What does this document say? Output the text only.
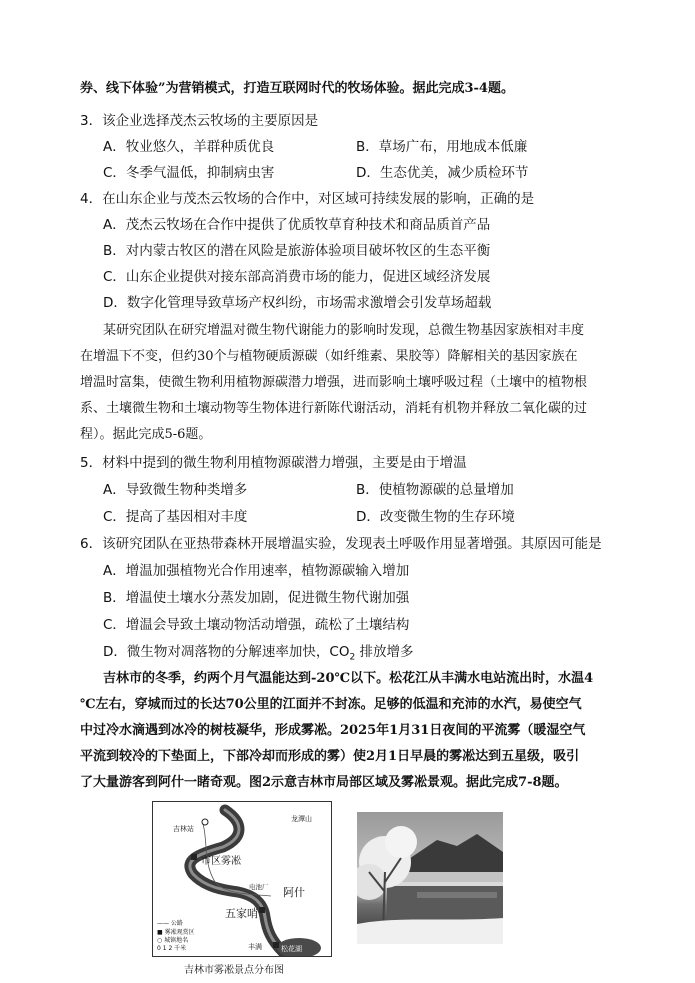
券、线下体验”为营销模式，打造互联网时代的牧场体验。据此完成3-4题。
3．该企业选择茂杰云牧场的主要原因是
A．牧业悠久，羊群种质优良	B．草场广布，用地成本低廉
C．冬季气温低，抑制病虫害	D．生态优美，减少质检环节
4．在山东企业与茂杰云牧场的合作中，对区域可持续发展的影响，正确的是
A．茂杰云牧场在合作中提供了优质牧草育种技术和商品质首产品
B．对内蒙古牧区的潜在风险是旅游体验项目破坏牧区的生态平衡
C．山东企业提供对接东部高消费市场的能力，促进区域经济发展
D．数字化管理导致草场产权纠纷，市场需求激增会引发草场超载
某研究团队在研究增温对微生物代谢能力的影响时发现，总微生物基因家族相对丰度
在增温下不变，但约30个与植物硬质源碳（如纤维素、果胶等）降解相关的基因家族在
增温时富集，使微生物利用植物源碳潜力增强，进而影响土壤呼吸过程（土壤中的植物根
系、土壤微生物和土壤动物等生物体进行新陈代谢活动，消耗有机物并释放二氧化碳的过
程）。据此完成5-6题。
5．材料中提到的微生物利用植物源碳潜力增强，主要是由于增温
A．导致微生物种类增多	B．使植物源碳的总量增加
C．提高了基因相对丰度	D．改变微生物的生存环境
6．该研究团队在亚热带森林开展增温实验，发现表土呼吸作用显著增强。其原因可能是
A．增温加强植物光合作用速率，植物源碳输入增加
B．增温使土壤水分蒸发加剧，促进微生物代谢加强
C．增温会导致土壤动物活动增强，疏松了土壤结构
D．微生物对凋落物的分解速率加快，$CO_2$ 排放增多
吉林市的冬季，约两个月气温能达到-20℃以下。松花江从丰满水电站流出时，水温4
℃左右，穿城而过的长达70公里的江面并不封冻。足够的低温和充沛的水汽，易使空气
中过冷水滴遇到冰冷的树枝凝华，形成雾凇。2025年1月31日夜间的平流雾（暖湿空气
平流到较冷的下垫面上，下部冷却而形成的雾）使2月1日早晨的雾凇达到五星级，吸引
了大量游客到阿什一睹奇观。图2示意吉林市局部区域及雾凇景观。据此完成7-8题。
吉林站
龙潭山
市区雾凇
电池厂 阿什
五家哨
丰满	松花湖
—— 公路
■ 雾凇观赏区
○ 城镇地名
0 1 2 千米
吉林市雾凇景点分布图
